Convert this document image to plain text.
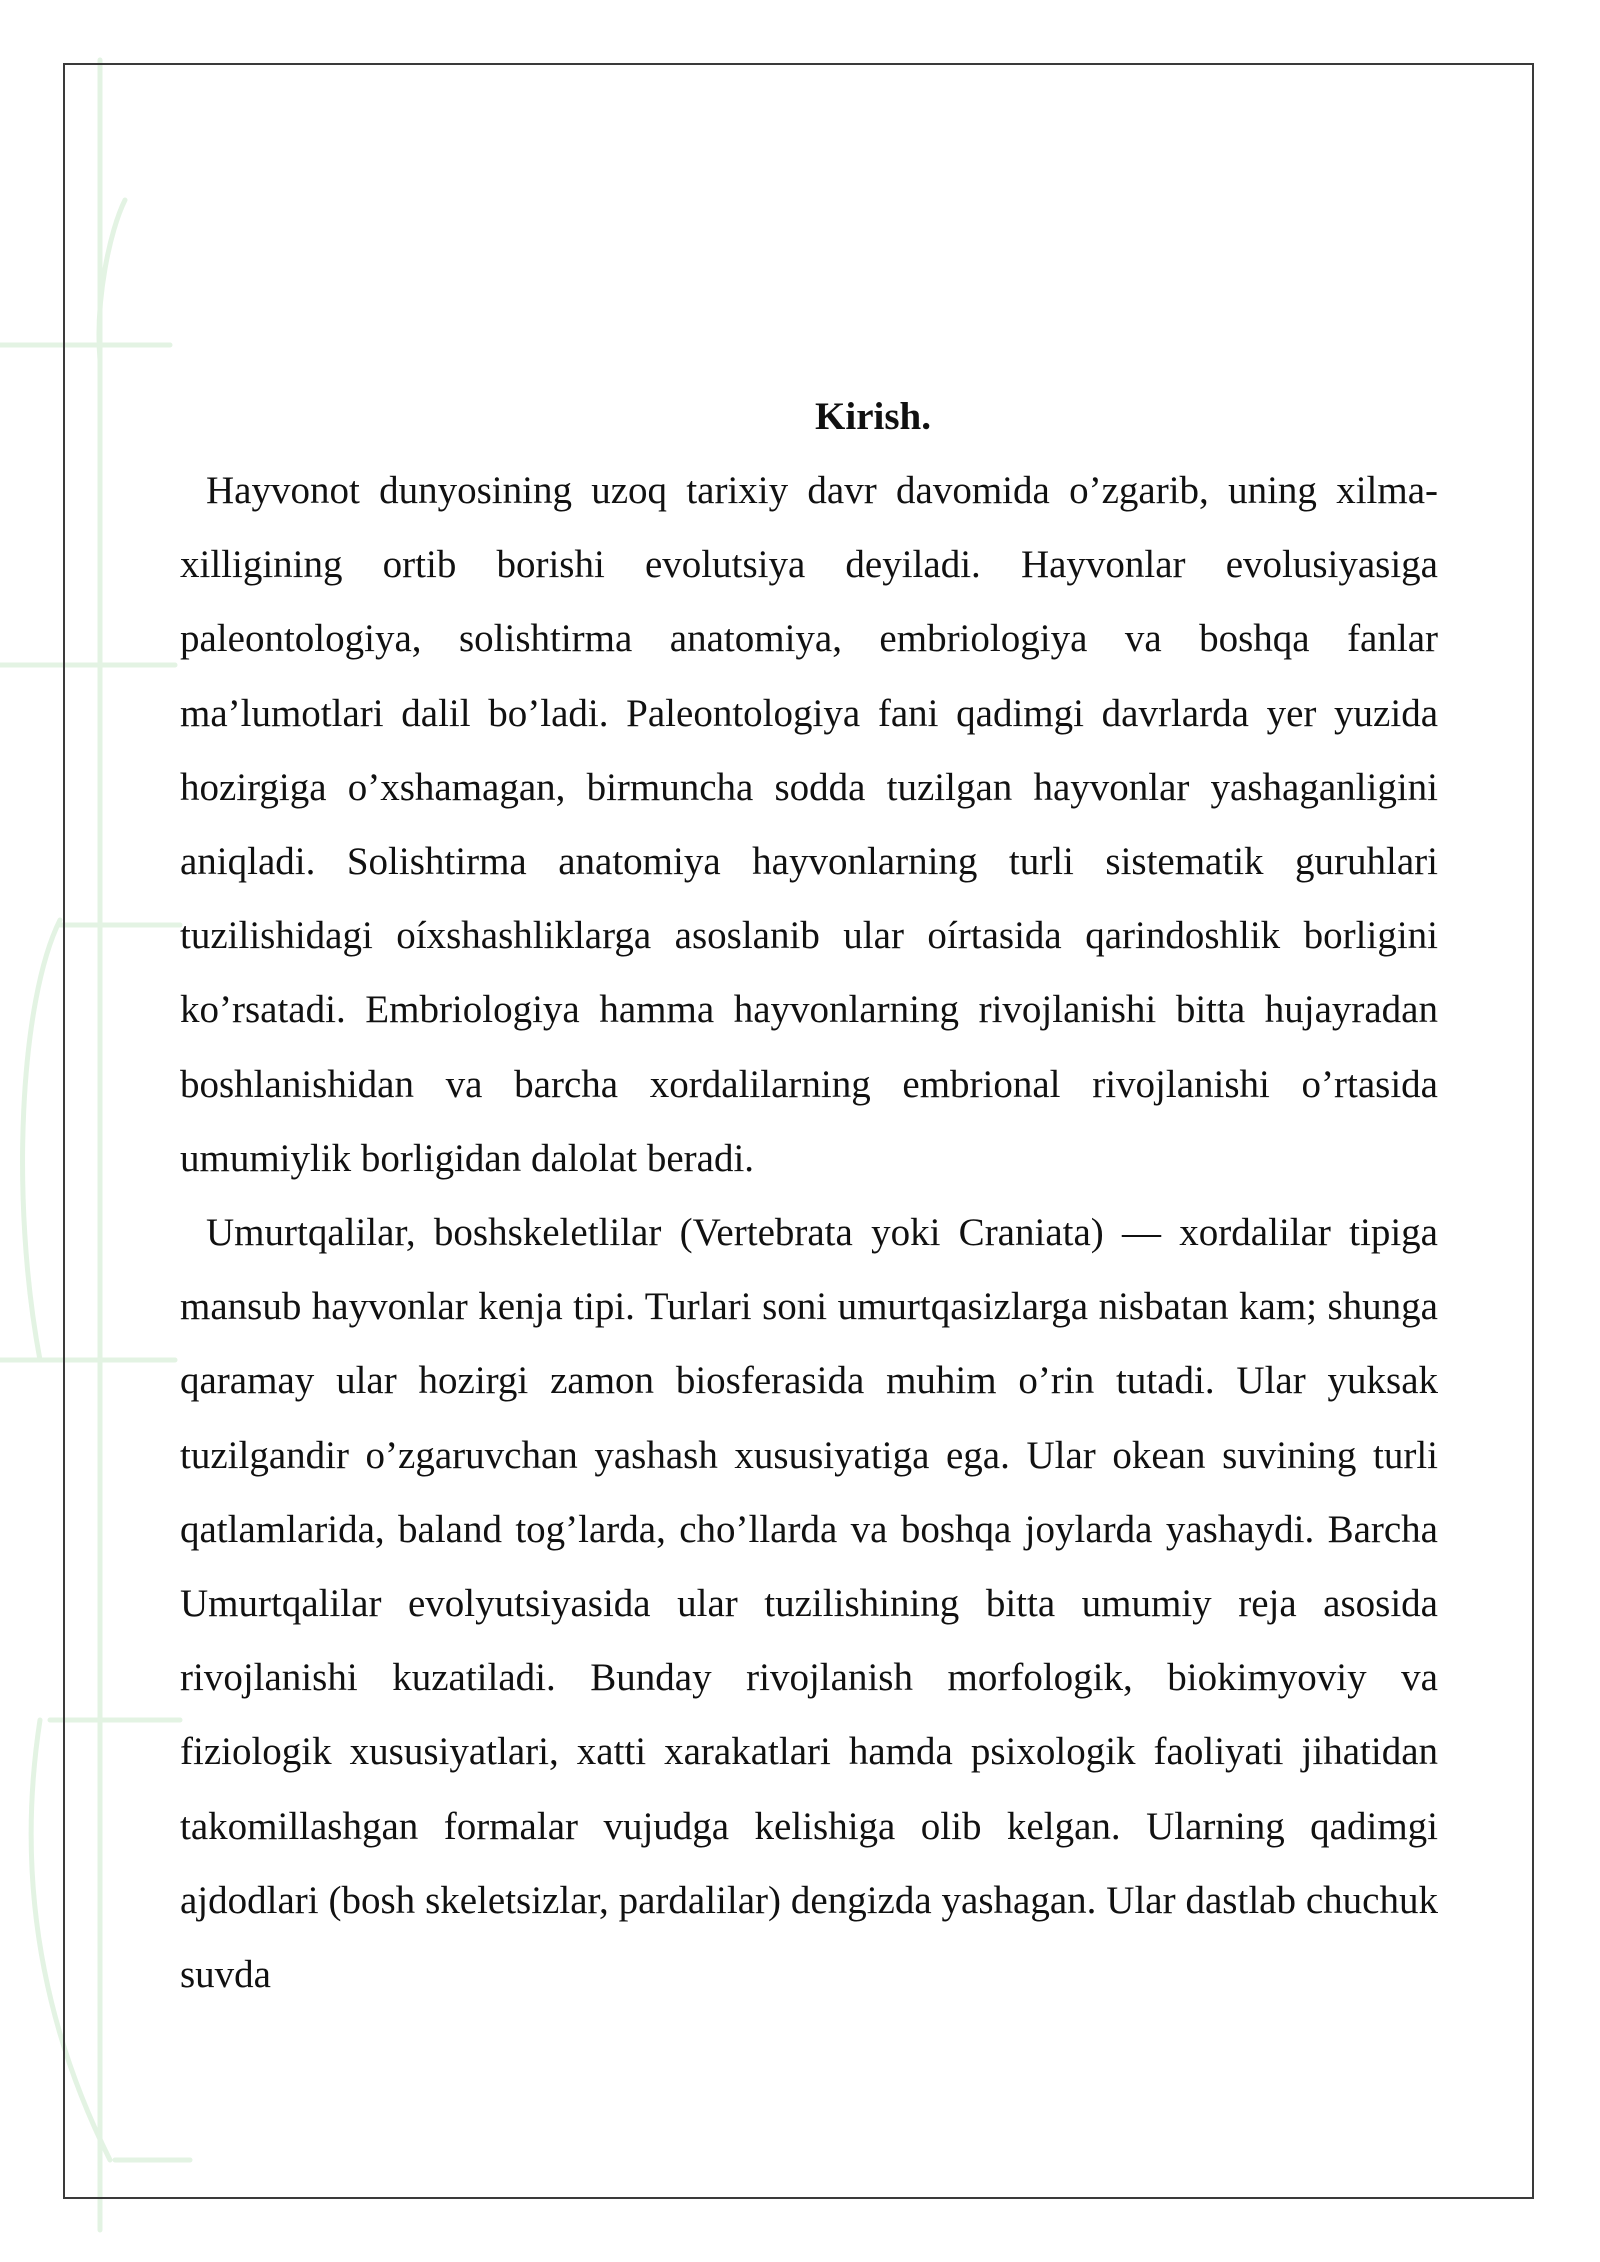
Kirish.

Hayvonot dunyosining uzoq tarixiy davr davomida o’zgarib, uning xilma-xilligining ortib borishi evolutsiya deyiladi. Hayvonlar evolusiyasiga paleontologiya, solishtirma anatomiya, embriologiya va boshqa fanlar ma’lumotlari dalil bo’ladi. Paleontologiya fani qadimgi davrlarda yer yuzida hozirgiga o’xshamagan, birmuncha sodda tuzilgan hayvonlar yashaganligini aniqladi. Solishtirma anatomiya hayvonlarning turli sistematik guruhlari tuzilishidagi oíxshashliklarga asoslanib ular oírtasida qarindoshlik borligini ko’rsatadi. Embriologiya hamma hayvonlarning rivojlanishi bitta hujayradan boshlanishidan va barcha xordalilarning embrional rivojlanishi o’rtasida umumiylik borligidan dalolat beradi.

Umurtqalilar, boshskeletlilar (Vertebrata yoki Craniata) — xordalilar tipiga mansub hayvonlar kenja tipi. Turlari soni umurtqasizlarga nisbatan kam; shunga qaramay ular hozirgi zamon biosferasida muhim o’rin tutadi. Ular yuksak tuzilgandir o’zgaruvchan yashash xususiyatiga ega. Ular okean suvining turli qatlamlarida, baland tog’larda, cho’llarda va boshqa joylarda yashaydi. Barcha Umurtqalilar evolyutsiyasida ular tuzilishining bitta umumiy reja asosida rivojlanishi kuzatiladi. Bunday rivojlanish morfologik, biokimyoviy va fiziologik xususiyatlari, xatti xarakatlari hamda psixologik faoliyati jihatidan takomillashgan formalar vujudga kelishiga olib kelgan. Ularning qadimgi ajdodlari (bosh skeletsizlar, pardalilar) dengizda yashagan. Ular dastlab chuchuk suvda
